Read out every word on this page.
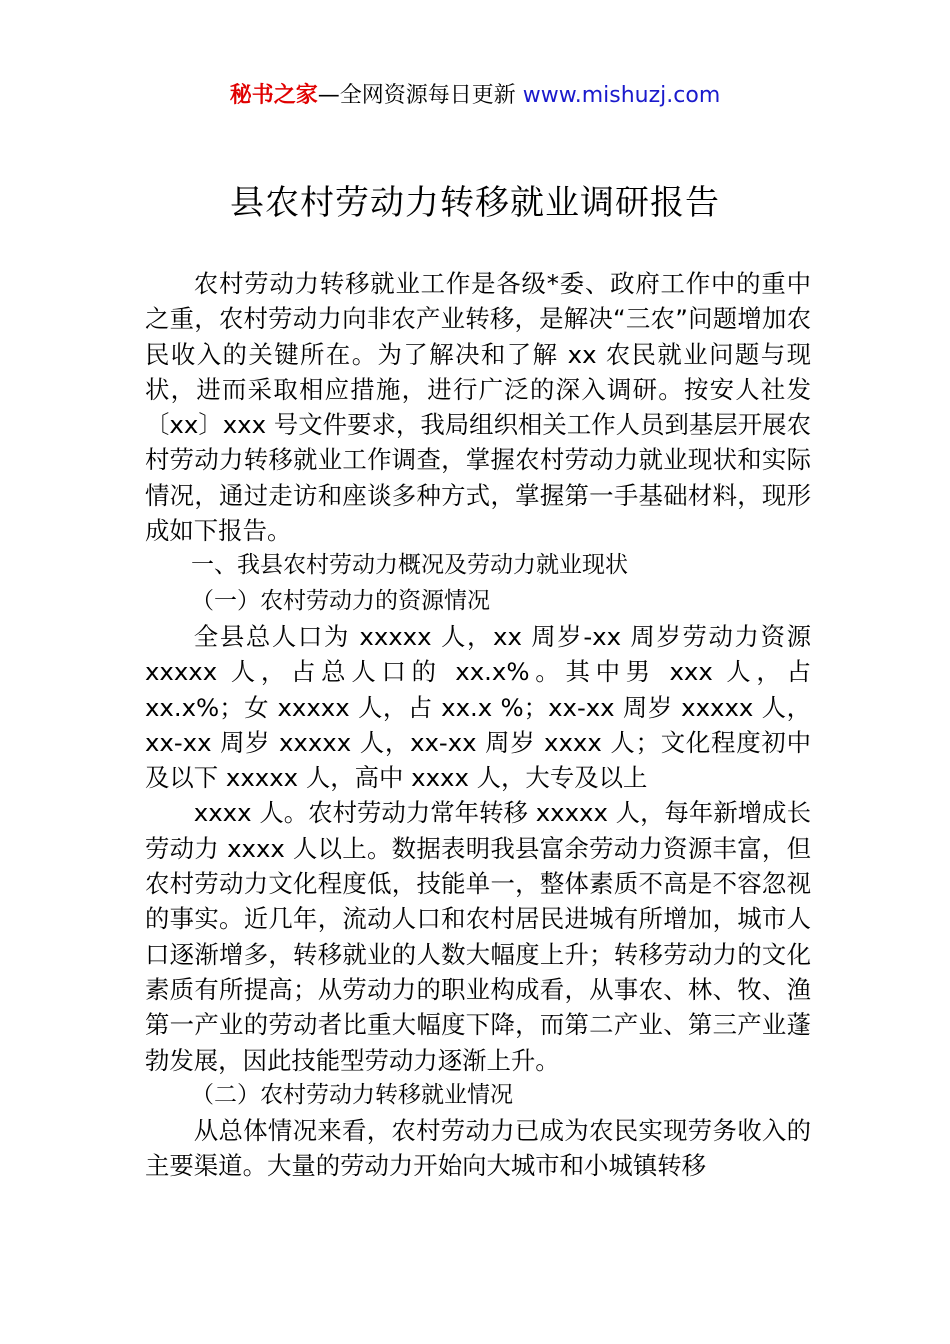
秘书之家—全网资源每日更新 www.mishuzj.com
县农村劳动力转移就业调研报告

农村劳动力转移就业工作是各级*委、政府工作中的重中之重，农村劳动力向非农产业转移，是解决“三农”问题增加农民收入的关键所在。为了解决和了解 xx 农民就业问题与现状，进而采取相应措施，进行广泛的深入调研。按安人社发〔xx〕xxx 号文件要求，我局组织相关工作人员到基层开展农村劳动力转移就业工作调查，掌握农村劳动力就业现状和实际情况，通过走访和座谈多种方式，掌握第一手基础材料，现形成如下报告。

一、我县农村劳动力概况及劳动力就业现状

（一）农村劳动力的资源情况

全县总人口为 xxxxx 人，xx 周岁-xx 周岁劳动力资源 xxxxx 人，占总人口的 xx.x%。其中男 xxx 人，占 xx.x%；女 xxxxx 人，占 xx.x %；xx-xx 周岁 xxxxx 人，xx-xx 周岁 xxxxx 人，xx-xx 周岁 xxxx 人；文化程度初中及以下 xxxxx 人，高中 xxxx 人，大专及以上

xxxx 人。农村劳动力常年转移 xxxxx 人，每年新增成长劳动力 xxxx 人以上。数据表明我县富余劳动力资源丰富，但农村劳动力文化程度低，技能单一，整体素质不高是不容忽视的事实。近几年，流动人口和农村居民进城有所增加，城市人口逐渐增多，转移就业的人数大幅度上升；转移劳动力的文化素质有所提高；从劳动力的职业构成看，从事农、林、牧、渔第一产业的劳动者比重大幅度下降，而第二产业、第三产业蓬勃发展，因此技能型劳动力逐渐上升。

（二）农村劳动力转移就业情况

从总体情况来看，农村劳动力已成为农民实现劳务收入的主要渠道。大量的劳动力开始向大城市和小城镇转移
